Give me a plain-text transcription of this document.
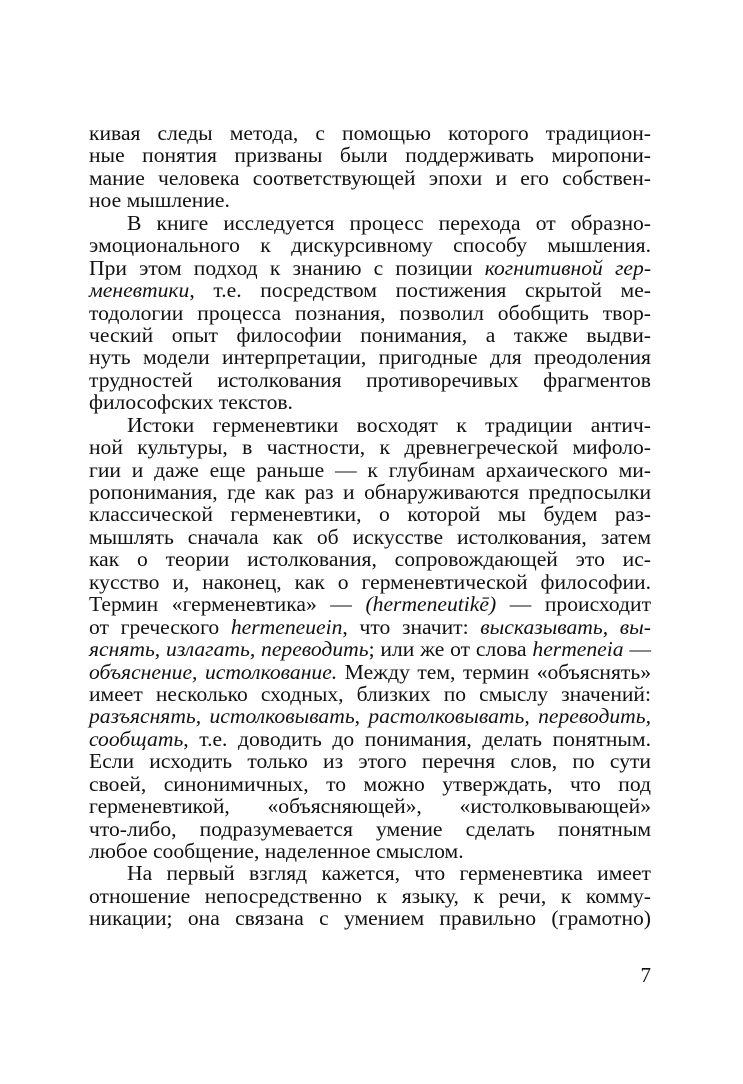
кивая следы метода, с помощью которого традицион-
ные понятия призваны были поддерживать миропони-
мание человека соответствующей эпохи и его собствен-
ное мышление.
В книге исследуется процесс перехода от образно-
эмоционального к дискурсивному способу мышления.
При этом подход к знанию с позиции когнитивной гер-
меневтики, т.е. посредством постижения скрытой ме-
тодологии процесса познания, позволил обобщить твор-
ческий опыт философии понимания, а также выдви-
нуть модели интерпретации, пригодные для преодоления
трудностей истолкования противоречивых фрагментов
философских текстов.
Истоки герменевтики восходят к традиции антич-
ной культуры, в частности, к древнегреческой мифоло-
гии и даже еще раньше — к глубинам архаического ми-
ропонимания, где как раз и обнаруживаются предпосылки
классической герменевтики, о которой мы будем раз-
мышлять сначала как об искусстве истолкования, затем
как о теории истолкования, сопровождающей это ис-
кусство и, наконец, как о герменевтической философии.
Термин «герменевтика» — (hermeneutikē) — происходит
от греческого hermeneuein, что значит: высказывать, вы-
яснять, излагать, переводить; или же от слова hermeneia —
объяснение, истолкование. Между тем, термин «объяснять»
имеет несколько сходных, близких по смыслу значений:
разъяснять, истолковывать, растолковывать, переводить,
сообщать, т.е. доводить до понимания, делать понятным.
Если исходить только из этого перечня слов, по сути
своей, синонимичных, то можно утверждать, что под
герменевтикой, «объясняющей», «истолковывающей»
что-либо, подразумевается умение сделать понятным
любое сообщение, наделенное смыслом.
На первый взгляд кажется, что герменевтика имеет
отношение непосредственно к языку, к речи, к комму-
никации; она связана с умением правильно (грамотно)
7
